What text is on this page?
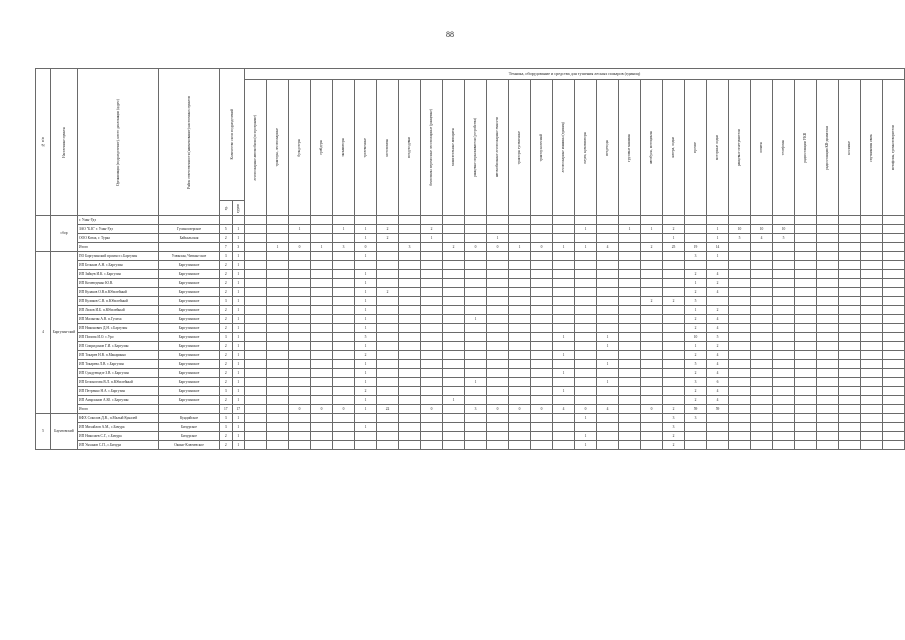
88
№ п/п	Населенные пункты	Организация (подразделение), место дислокации (адрес)	Район ответственности (наименование) населенных пунктов	Количество сил и подразделений		Техника, оборудование и средства для тушения лесных пожаров (единиц)																													

						лесопожарные автомобили (по программе)	тракторы, лесопожарные	бульдозеры	грейдеры	экскаваторы	трелевочные	мотопомпы	воздуходувки	бензопилы переносные лесопожарные (ранцевые)	зажигательные аппараты	ранцевые опрыскиватели (устройства)	автомобильные лесопожарные емкости	тракторы гусеничные	трактор колесный	лесопожарные машины (единиц)	плуги, культиваторы	вездеходы	грузовые машины	автобусы, мотоциклы	катера, лодки	прочие	моторные лодки	ранцевые огнетушители	лопаты	телефоны	радиостанции УКВ	радиостанции КВ-диапазона	носимые	спутниковая связь	мегафоны, громкоговорители

				ед.	групп																														

	сбор	г. Улан-Удэ																																	
		ЗАО "Б.К" г. Улан-Удэ	Гусиноозерское	5	1			1		1	1	2		2							1		1	1	2		1	10	10	10					
		ООО Катаа, г. Турка	Байкальская	2	1						1	2		1			1								1		1	5	4	5					
		Итого		7	3		1	0	1	3	0		3		2	0	0	1	0	1	1	4		2	25	19	14								
4	Баргузин-ский	ПО Баргузинский промхоз с.Баргузин	Улюнхан, Читкан-ское	3	1						1															3	1								
		ИП Бельков А.Н. с.Баргузин	Баргузинское	2	1																														
		ИП Зайцев И.К. с.Баргузин	Баргузинское	2	1						1															2	4								
		ИП Кочеведенко Ю.В.	Баргузинское	2	1						1															1	2								
		ИП Кулаков О.В.п.Юбилейный	Баргузинское	2	1						1	2														2	4								
		ИП Куликов С.В. п.Юбилейный	Баргузинское	3	1						1													2	2	5									
		ИП Лихов И.Б. п.Юбилейный	Баргузинское	2	1						1															1	2								
		ИП Малыгин А.В. п.Гусиха	Баргузинское	2	1						1					1										2	4								
		ИП Никонович Д.Н. с.Баргузин	Баргузинское	2	1						1															2	4								
		ИП Попова И.О. с.Уро	Баргузинское	3	1						5									1		1				10	5								
		ИП Спиридонов Г.И. с.Баргузин	Баргузинское	2	1						1											1				1	2								
		ИП Токарев Н.В. п.Макаринно	Баргузинское	2	1						2									1						2	4								
		ИП Токарева Л.В. с.Баргузин	Баргузинское	2	1						1											1				5	4								
		ИП Сундуевадзе З.В. с.Баргузин	Баргузинское	2	1						1									1						2	4								
		ИП Белоногова В.Л. п.Юбилейный	Баргузинское	2	1						1					1						1				3	6								
		ИП Петренко Н.А. с.Баргузин	Баргузинское	3	1						2									1						2	4								
		ИП Амарханов А.Ю. с.Баргузин	Баргузинское	2	1						1				1											2	4								
		Итого		17	17			0	0	0	1	22		0		3	0	0	0	4	0	4		0	2	59	59								
5	Баунтовский	КФХ Соколов Д.В., п.Малый Куналей	Кундийское	3	1																1				3	3									
		ИП Михайлов А.М., с.Бичура	Бичурское	3	1						1														3										
		ИП Николаев С.Г., с.Бичура	Бичурское	2	1																1				2										
		ИП Унханов С.П., с.Бичура	Окино-Ключевское	2	1																1				2										
